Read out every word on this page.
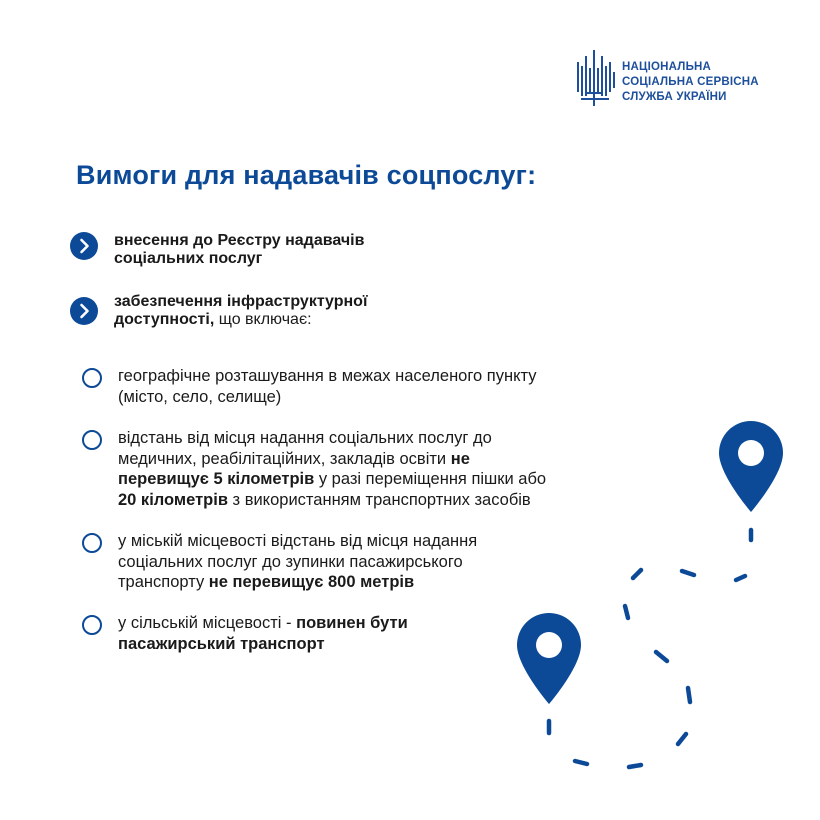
НАЦІОНАЛЬНА
СОЦІАЛЬНА СЕРВІСНА
СЛУЖБА УКРАЇНИ
Вимоги для надавачів соцпослуг:
внесення до Реєстру надавачів
соціальних послуг
забезпечення інфраструктурної
доступності, що включає:
географічне розташування в межах населеного пункту
(місто, село, селище)
відстань від місця надання соціальних послуг до
медичних, реабілітаційних, закладів освіти не
перевищує 5 кілометрів у разі переміщення пішки або
20 кілометрів з використанням транспортних засобів
у міській місцевості відстань від місця надання
соціальних послуг до зупинки пасажирського
транспорту не перевищує 800 метрів
у сільській місцевості - повинен бути
пасажирський транспорт
